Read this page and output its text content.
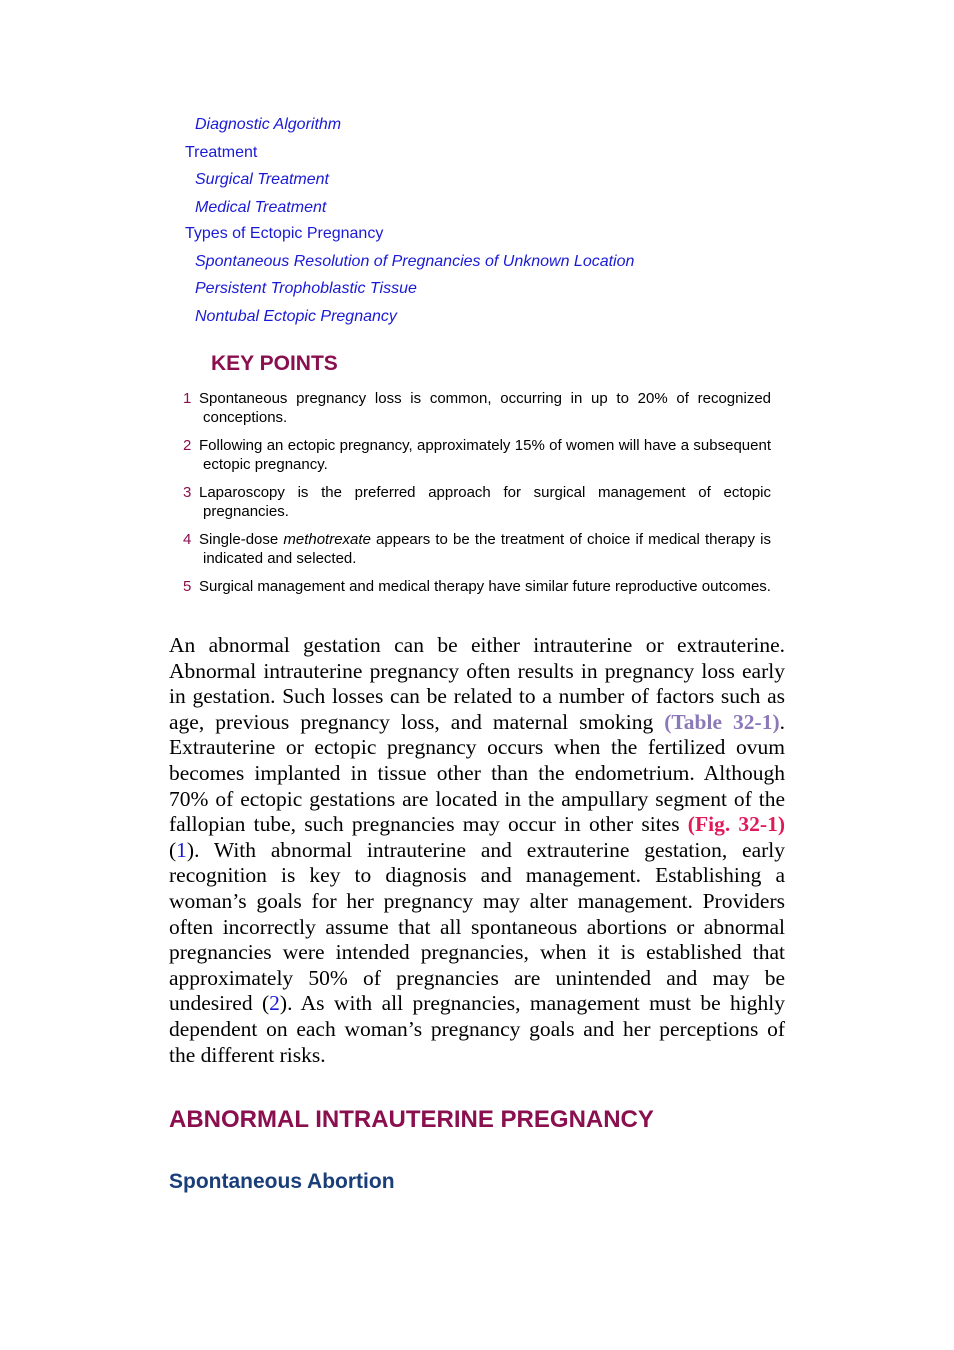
Diagnostic Algorithm
Treatment
Surgical Treatment
Medical Treatment
Types of Ectopic Pregnancy
Spontaneous Resolution of Pregnancies of Unknown Location
Persistent Trophoblastic Tissue
Nontubal Ectopic Pregnancy
KEY POINTS
1 Spontaneous pregnancy loss is common, occurring in up to 20% of recognized conceptions.
2 Following an ectopic pregnancy, approximately 15% of women will have a subsequent ectopic pregnancy.
3 Laparoscopy is the preferred approach for surgical management of ectopic pregnancies.
4 Single-dose methotrexate appears to be the treatment of choice if medical therapy is indicated and selected.
5 Surgical management and medical therapy have similar future reproductive outcomes.

An abnormal gestation can be either intrauterine or extrauterine. Abnormal intrauterine pregnancy often results in pregnancy loss early in gestation. Such losses can be related to a number of factors such as age, previous pregnancy loss, and maternal smoking (Table 32-1). Extrauterine or ectopic pregnancy occurs when the fertilized ovum becomes implanted in tissue other than the endometrium. Although 70% of ectopic gestations are located in the ampullary segment of the fallopian tube, such pregnancies may occur in other sites (Fig. 32-1) (1). With abnormal intrauterine and extrauterine gestation, early recognition is key to diagnosis and management. Establishing a woman’s goals for her pregnancy may alter management. Providers often incorrectly assume that all spontaneous abortions or abnormal pregnancies were intended pregnancies, when it is established that approximately 50% of pregnancies are unintended and may be undesired (2). As with all pregnancies, management must be highly dependent on each woman’s pregnancy goals and her perceptions of the different risks.

ABNORMAL INTRAUTERINE PREGNANCY
Spontaneous Abortion
